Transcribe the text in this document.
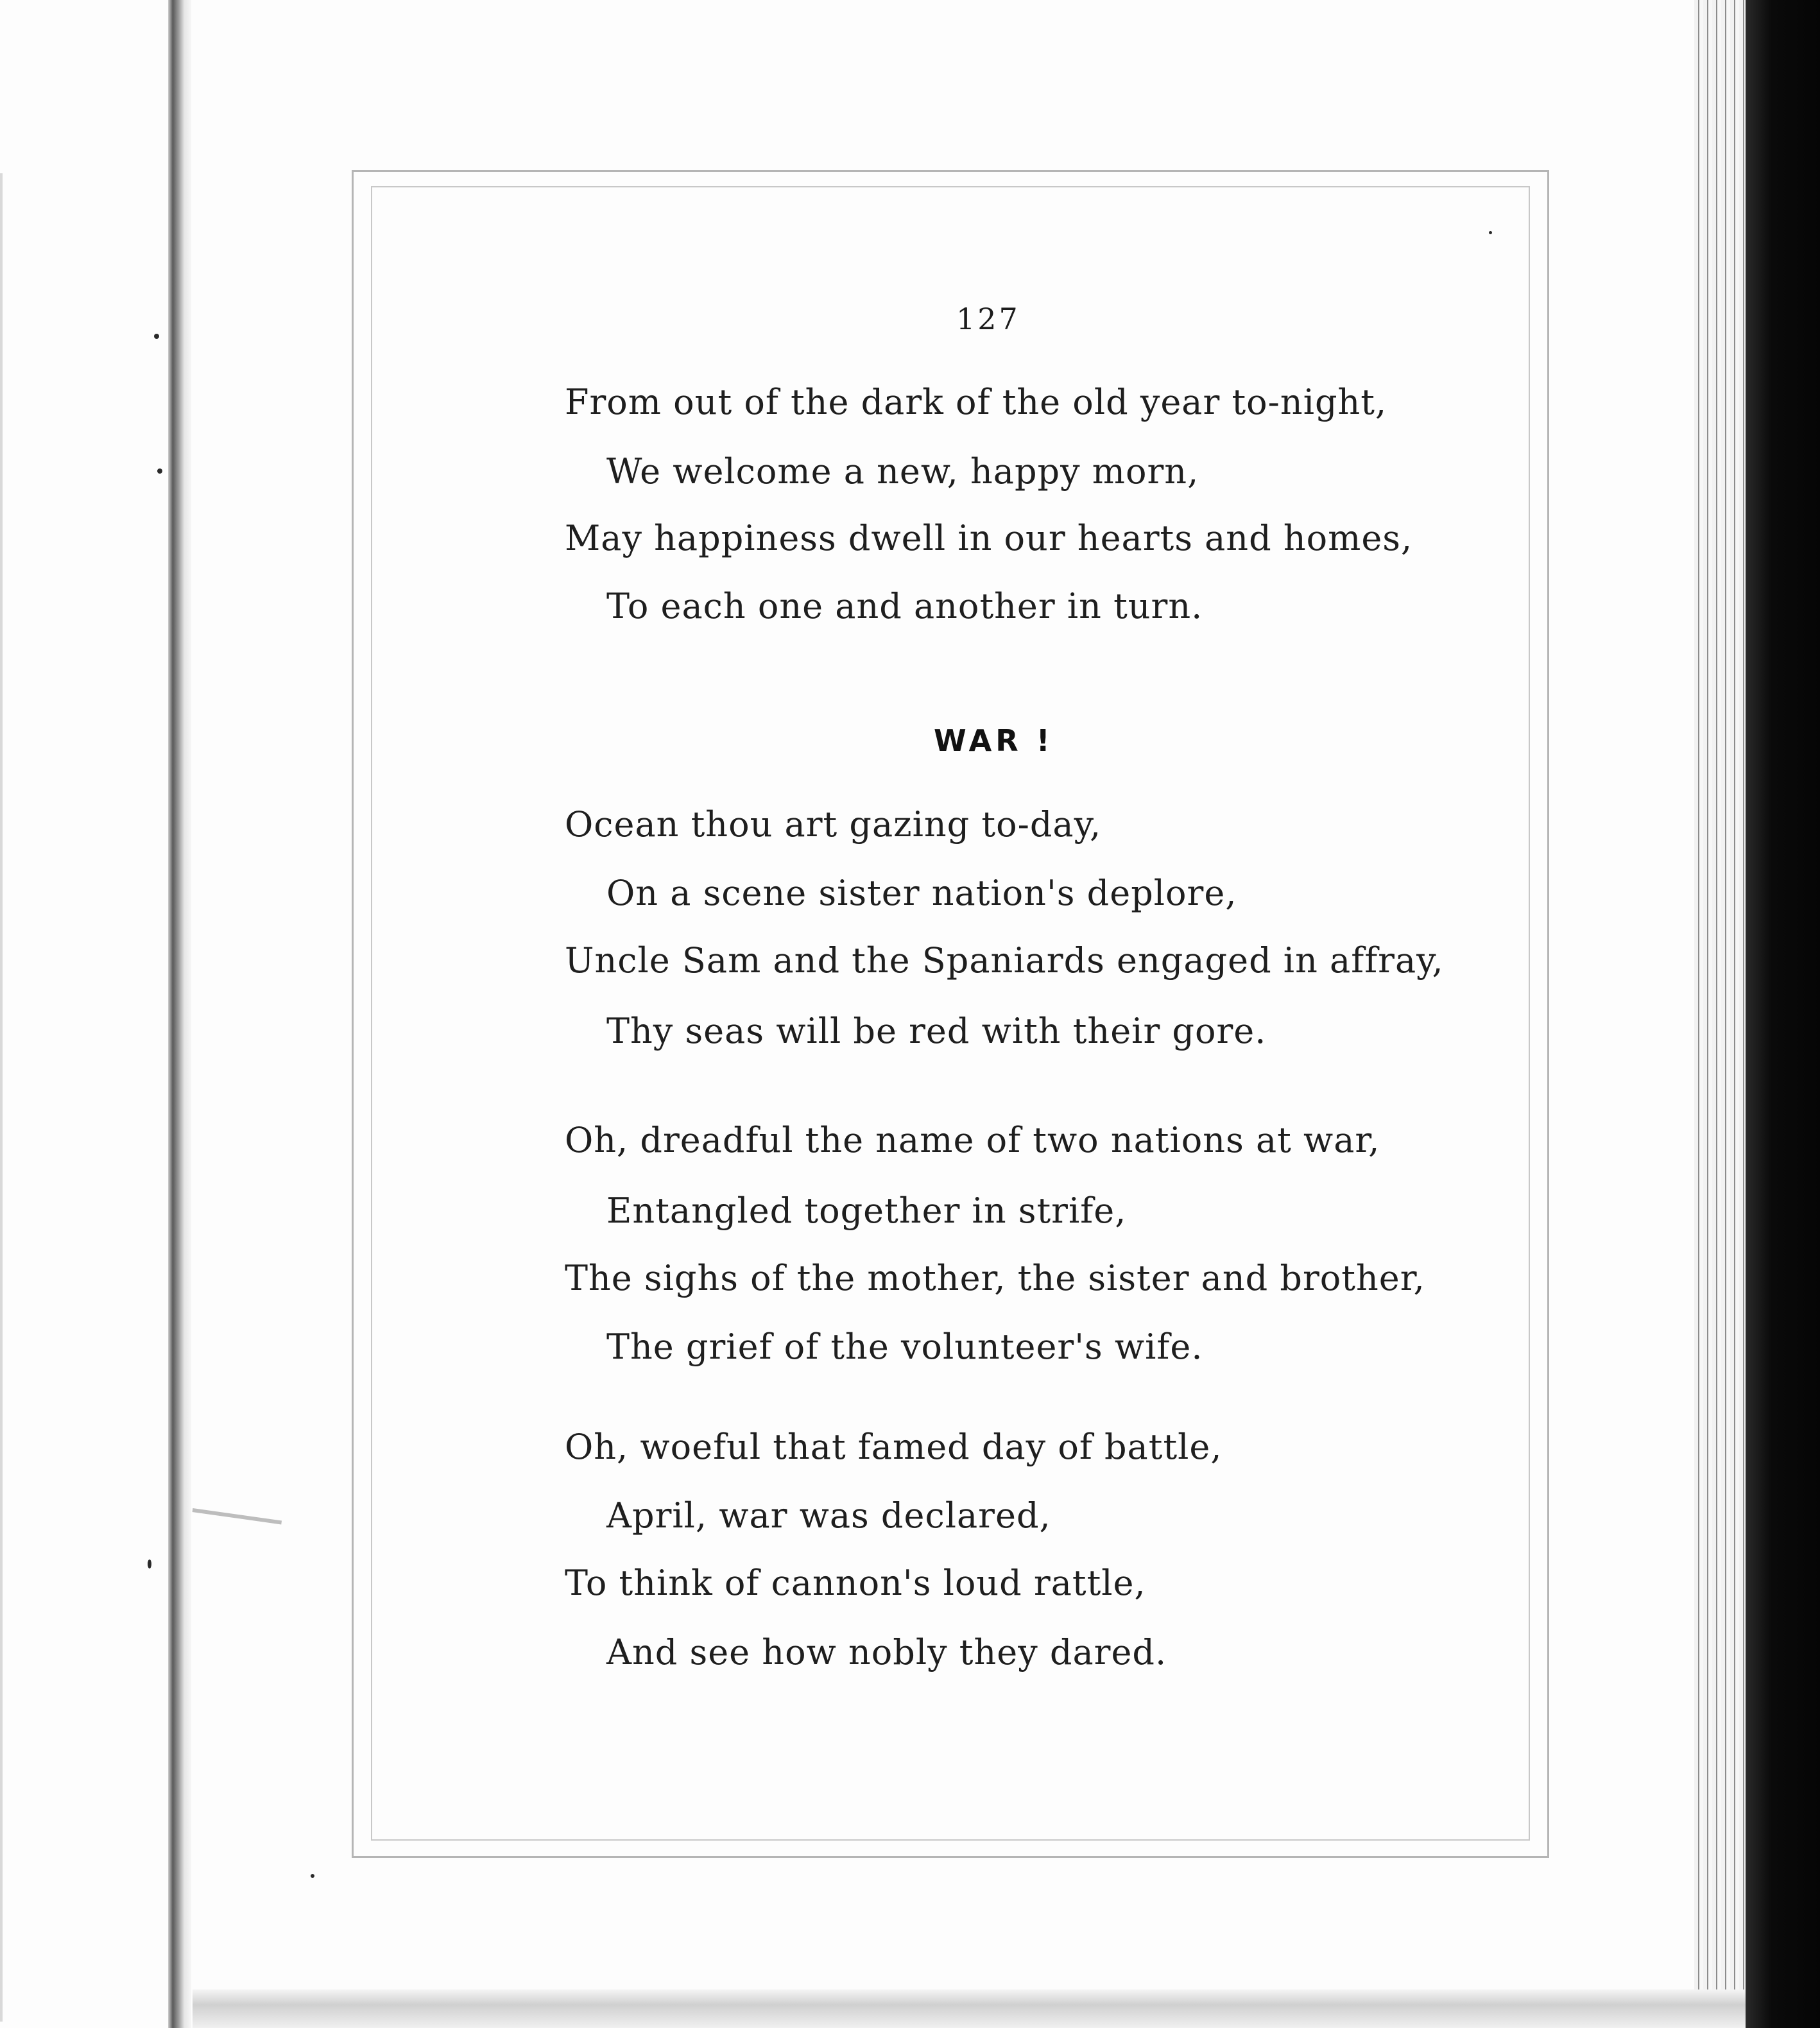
127
From out of the dark of the old year to-night,
We welcome a new, happy morn,
May happiness dwell in our hearts and homes,
To each one and another in turn.
WAR !
Ocean thou art gazing to-day,
On a scene sister nation's deplore,
Uncle Sam and the Spaniards engaged in affray,
Thy seas will be red with their gore.
Oh, dreadful the name of two nations at war,
Entangled together in strife,
The sighs of the mother, the sister and brother,
The grief of the volunteer's wife.
Oh, woeful that famed day of battle,
April, war was declared,
To think of cannon's loud rattle,
And see how nobly they dared.
